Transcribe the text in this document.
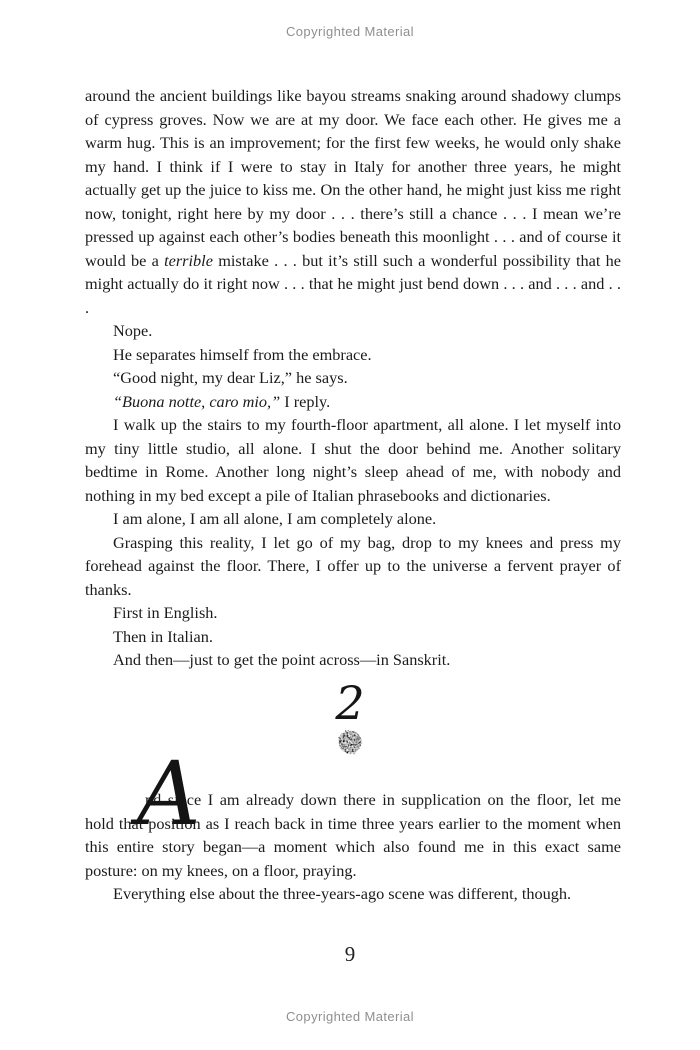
Copyrighted Material

around the ancient buildings like bayou streams snaking around shadowy clumps of cypress groves. Now we are at my door. We face each other. He gives me a warm hug. This is an improvement; for the first few weeks, he would only shake my hand. I think if I were to stay in Italy for another three years, he might actually get up the juice to kiss me. On the other hand, he might just kiss me right now, tonight, right here by my door . . . there’s still a chance . . . I mean we’re pressed up against each other’s bodies beneath this moonlight . . . and of course it would be a terrible mistake . . . but it’s still such a wonderful possibility that he might actually do it right now . . . that he might just bend down . . . and . . . and . . .

Nope.

He separates himself from the embrace.

“Good night, my dear Liz,” he says.

“Buona notte, caro mio,” I reply.

I walk up the stairs to my fourth-floor apartment, all alone. I let myself into my tiny little studio, all alone. I shut the door behind me. Another solitary bedtime in Rome. Another long night’s sleep ahead of me, with nobody and nothing in my bed except a pile of Italian phrasebooks and dictionaries.

I am alone, I am all alone, I am completely alone.

Grasping this reality, I let go of my bag, drop to my knees and press my forehead against the floor. There, I offer up to the universe a fervent prayer of thanks.

First in English.

Then in Italian.

And then—just to get the point across—in Sanskrit.

2

A
nd since I am already down there in supplication on the floor, let me hold that position as I reach back in time three years earlier to the moment when this entire story began—a moment which also found me in this exact same posture: on my knees, on a floor, praying.

Everything else about the three-years-ago scene was different, though.

9
Copyrighted Material
